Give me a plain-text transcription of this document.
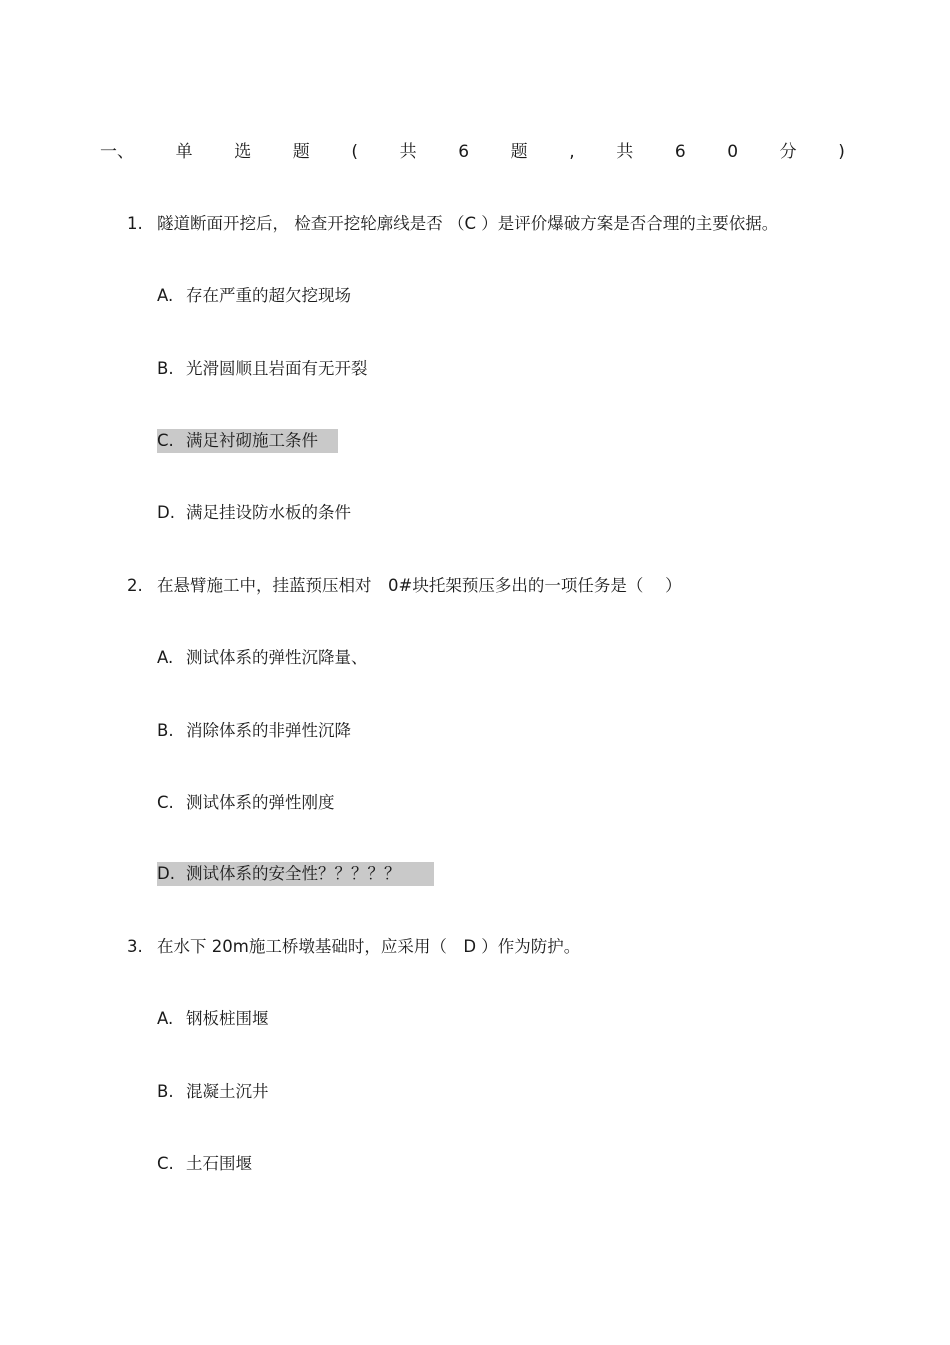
一、 单 选 题 ( 共 6 题 , 共 6 0 分 )
1. 隧道断面开挖后， 检查开挖轮廓线是否 （C ）是评价爆破方案是否合理的主要依据。
A. 存在严重的超欠挖现场
B. 光滑圆顺且岩面有无开裂
C. 满足衬砌施工条件
D. 满足挂设防水板的条件
2. 在悬臂施工中，挂蓝预压相对　0#块托架预压多出的一项任务是（　 ）
A. 测试体系的弹性沉降量、
B. 消除体系的非弹性沉降
C. 测试体系的弹性刚度
D. 测试体系的安全性？？？？？
3. 在水下 20m施工桥墩基础时，应采用（　D ）作为防护。
A. 钢板桩围堰
B. 混凝土沉井
C. 土石围堰
